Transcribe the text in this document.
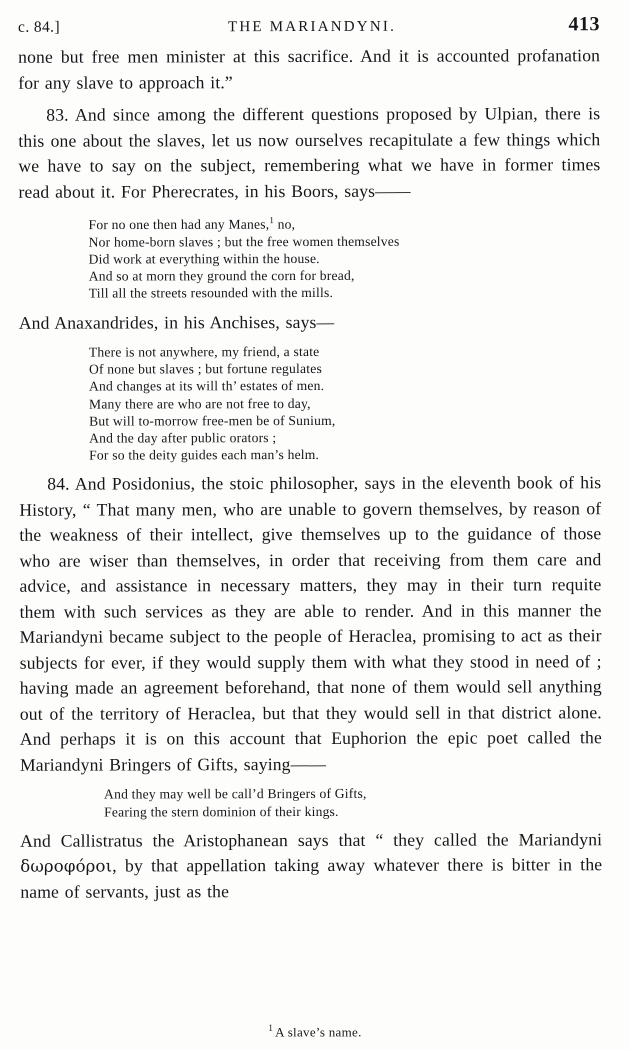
c. 84.]	THE MARIANDYNI.	413

none but free men minister at this sacrifice. And it is accounted profanation for any slave to approach it.”

83. And since among the different questions proposed by Ulpian, there is this one about the slaves, let us now ourselves recapitulate a few things which we have to say on the subject, remembering what we have in former times read about it. For Pherecrates, in his Boors, says——

For no one then had any Manes,$^1$ no,
Nor home-born slaves ; but the free women themselves
Did work at everything within the house.
And so at morn they ground the corn for bread,
Till all the streets resounded with the mills.

And Anaxandrides, in his Anchises, says—

There is not anywhere, my friend, a state
Of none but slaves ; but fortune regulates
And changes at its will th’ estates of men.
Many there are who are not free to day,
But will to-morrow free-men be of Sunium,
And the day after public orators ;
For so the deity guides each man’s helm.

84. And Posidonius, the stoic philosopher, says in the eleventh book of his History, “ That many men, who are unable to govern themselves, by reason of the weakness of their intellect, give themselves up to the guidance of those who are wiser than themselves, in order that receiving from them care and advice, and assistance in necessary matters, they may in their turn requite them with such services as they are able to render. And in this manner the Mariandyni became subject to the people of Heraclea, promising to act as their subjects for ever, if they would supply them with what they stood in need of ; having made an agreement beforehand, that none of them would sell anything out of the territory of Heraclea, but that they would sell in that district alone. And perhaps it is on this account that Euphorion the epic poet called the Mariandyni Bringers of Gifts, saying——

And they may well be call’d Bringers of Gifts,
Fearing the stern dominion of their kings.

And Callistratus the Aristophanean says that “ they called the Mariandyni δωροφόροι, by that appellation taking away whatever there is bitter in the name of servants, just as the

$^1$ A slave’s name.
